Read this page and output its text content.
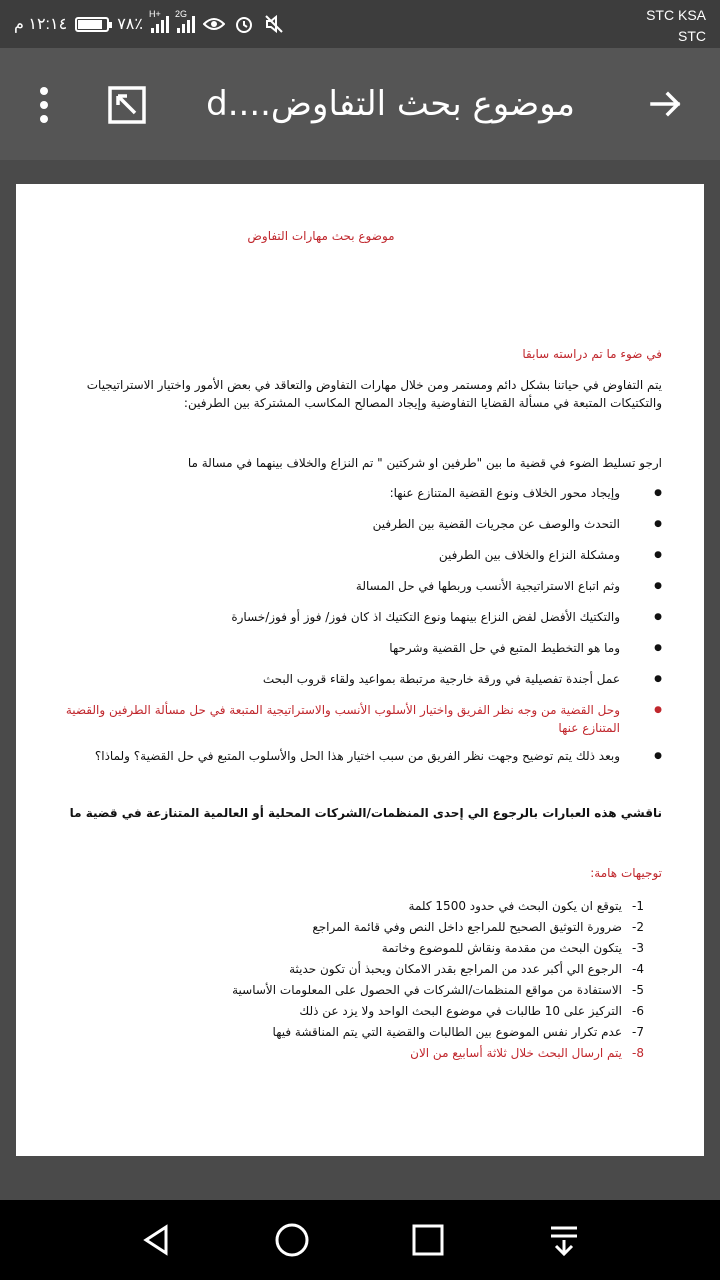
١٢:١٤ م	٧٨٪
H+ 2G	STC KSA
STC
موضوع بحث التفاوض....d
موضوع بحث مهارات التفاوض
في ضوء ما تم دراسته سابقا
يتم التفاوض في حياتنا بشكل دائم ومستمر ومن خلال مهارات التفاوض والتعاقد في بعض الأمور واختيار الاستراتيجيات والتكتيكات المتبعة في مسألة القضايا التفاوضية وإيجاد المصالح المكاسب المشتركة بين الطرفين:
ارجو تسليط الضوء في قضية ما بين "طرفين او شركتين " تم النزاع والخلاف بينهما في مسالة ما
● وإيجاد محور الخلاف ونوع القضية المتنازع عنها:
● التحدث والوصف عن مجريات القضية بين الطرفين
● ومشكلة النزاع والخلاف بين الطرفين
● وثم اتباع الاستراتيجية الأنسب وربطها في حل المسالة
● والتكتيك الأفضل لفض النزاع بينهما ونوع التكتيك اذ كان فوز/ فوز أو فوز/خسارة
● وما هو التخطيط المتبع في حل القضية وشرحها
● عمل أجندة تفصيلية في ورقة خارجية مرتبطة بمواعيد ولقاء قروب البحث
● وحل القضية من وجه نظر الفريق واختيار الأسلوب الأنسب والاستراتيجية المتبعة في حل مسألة الطرفين والقضية المتنازع عنها
● وبعد ذلك يتم توضيح وجهت نظر الفريق من سبب اختيار هذا الحل والأسلوب المتبع في حل القضية؟ ولماذا؟
ناقشي هذه العبارات بالرجوع الي إحدى المنظمات/الشركات المحلية أو العالمية المتنازعة في قضية ما
توجيهات هامة:
1-يتوقع ان يكون البحث في حدود 1500 كلمة
2-ضرورة التوثيق الصحيح للمراجع داخل النص وفي قائمة المراجع
3-يتكون البحث من مقدمة ونقاش للموضوع وخاتمة
4-الرجوع الي أكبر عدد من المراجع بقدر الامكان ويحبذ أن تكون حديثة
5-الاستفادة من مواقع المنظمات/الشركات في الحصول على المعلومات الأساسية
6-التركيز على 10 طالبات في موضوع البحث الواحد ولا يزد عن ذلك
7-عدم تكرار نفس الموضوع بين الطالبات والقضية التي يتم المناقشة فيها
8-يتم ارسال البحث خلال ثلاثة أسابيع من الان
